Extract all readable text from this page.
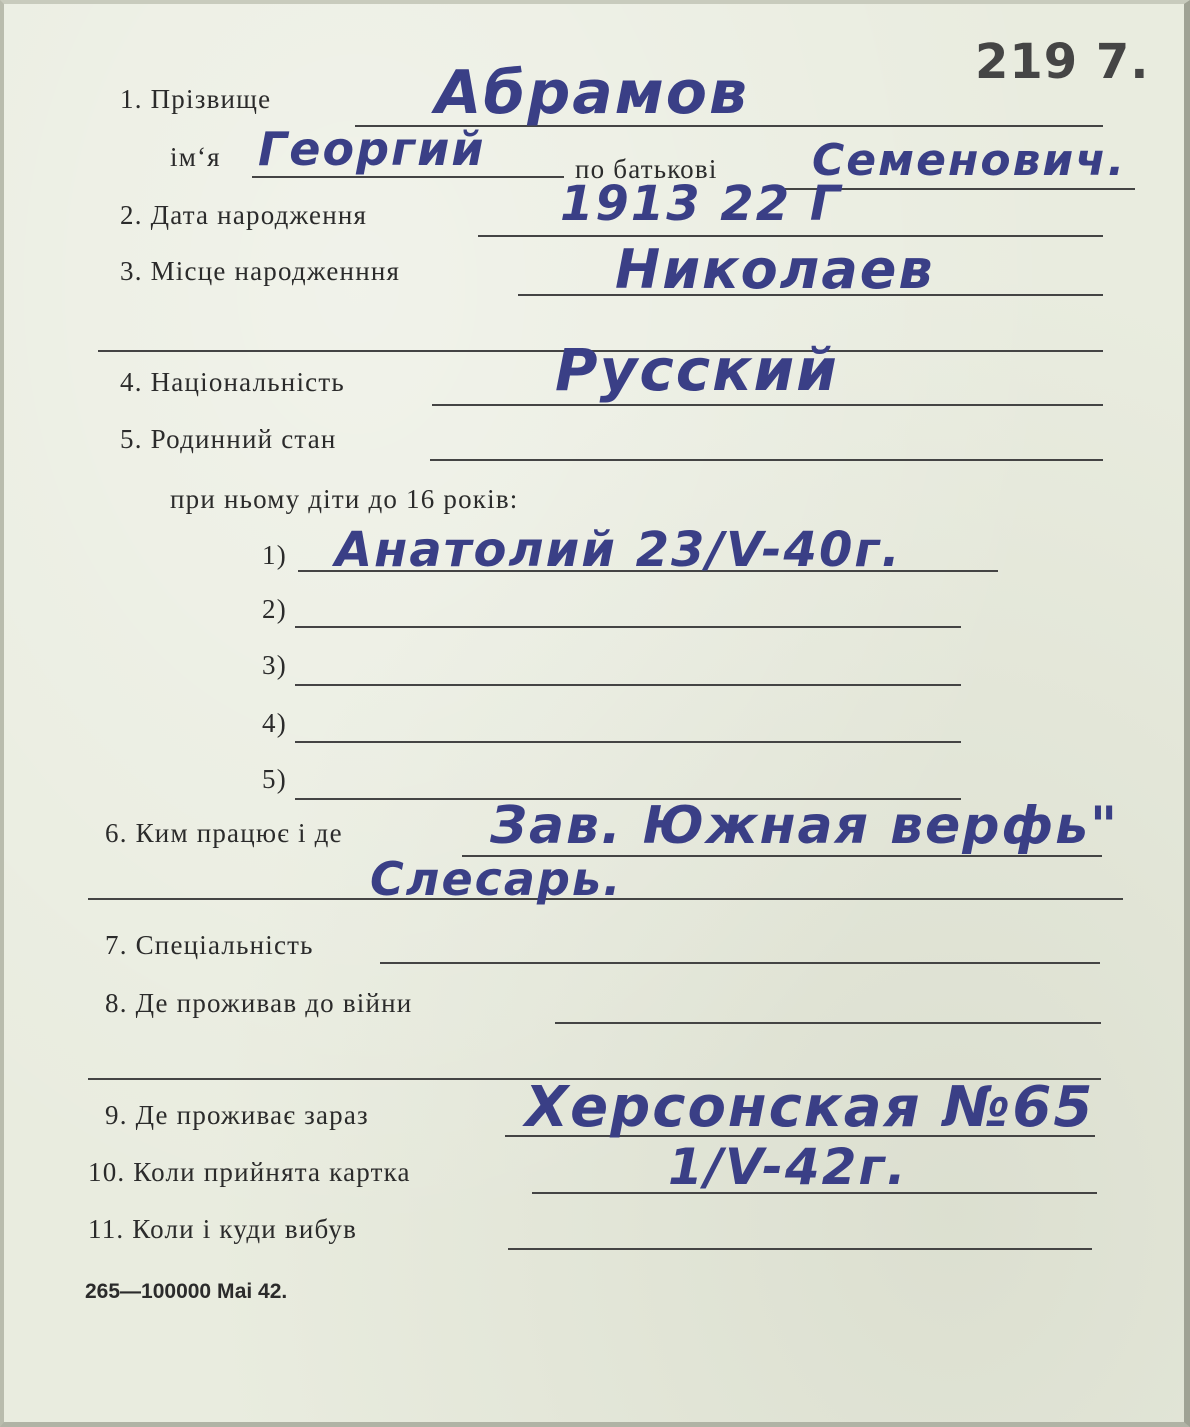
219 7.
1. Прізвище	Абрамов
ім‘я Георгий	по батькові Семенович.
2. Дата народження	1913 22 Г
3. Місце народженння	Николаев
4. Національність	Русский
5. Родинний стан
при ньому діти до 16 років:
1) Анатолий 23/V-40г.
2)
3)
4)
5)
6. Ким працює і де	Зав. Южная верфь"
Слесарь.
7. Спеціальність
8. Де проживав до війни
9. Де проживає зараз	Херсонская №65
10. Коли прийнята картка	1/V-42г.
11. Коли і куди вибув
265—100000 Маі 42.
